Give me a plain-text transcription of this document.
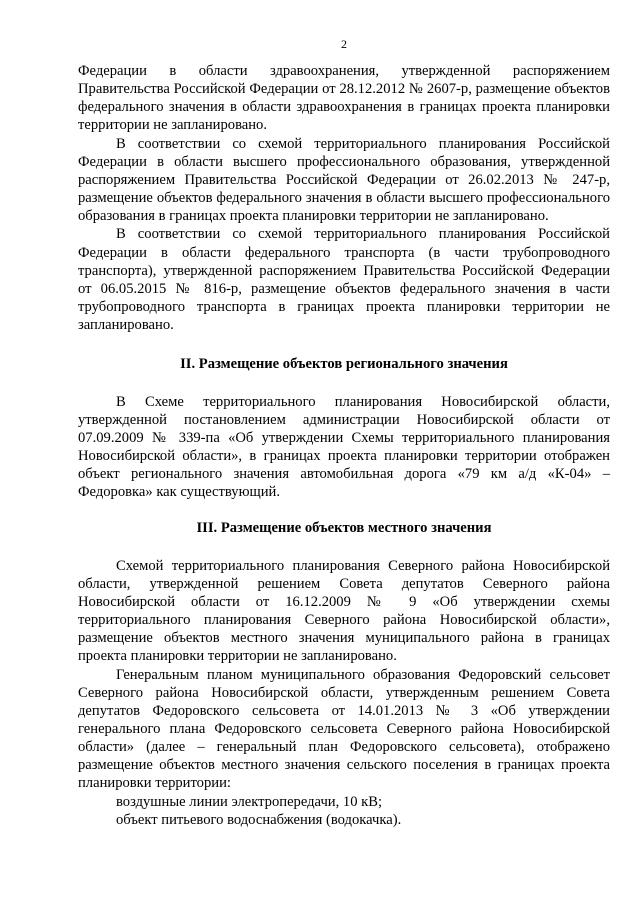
2

Федерации в области здравоохранения, утвержденной распоряжением Правительства Российской Федерации от 28.12.2012 № 2607-р, размещение объектов федерального значения в области здравоохранения в границах проекта планировки территории не запланировано.

В соответствии со схемой территориального планирования Российской Федерации в области высшего профессионального образования, утвержденной распоряжением Правительства Российской Федерации от 26.02.2013 № 247-р, размещение объектов федерального значения в области высшего профессионального образования в границах проекта планировки территории не запланировано.

В соответствии со схемой территориального планирования Российской Федерации в области федерального транспорта (в части трубопроводного транспорта), утвержденной распоряжением Правительства Российской Федерации от 06.05.2015 № 816-р, размещение объектов федерального значения в части трубопроводного транспорта в границах проекта планировки территории не запланировано.

II. Размещение объектов регионального значения

В Схеме территориального планирования Новосибирской области, утвержденной постановлением администрации Новосибирской области от 07.09.2009 № 339-па «Об утверждении Схемы территориального планирования Новосибирской области», в границах проекта планировки территории отображен объект регионального значения автомобильная дорога «79 км а/д «К-04» – Федоровка» как существующий.

III. Размещение объектов местного значения

Схемой территориального планирования Северного района Новосибирской области, утвержденной решением Совета депутатов Северного района Новосибирской области от 16.12.2009 № 9 «Об утверждении схемы территориального планирования Северного района Новосибирской области», размещение объектов местного значения муниципального района в границах проекта планировки территории не запланировано.

Генеральным планом муниципального образования Федоровский сельсовет Северного района Новосибирской области, утвержденным решением Совета депутатов Федоровского сельсовета от 14.01.2013 № 3 «Об утверждении генерального плана Федоровского сельсовета Северного района Новосибирской области» (далее – генеральный план Федоровского сельсовета), отображено размещение объектов местного значения сельского поселения в границах проекта планировки территории:

воздушные линии электропередачи, 10 кВ;
объект питьевого водоснабжения (водокачка).
